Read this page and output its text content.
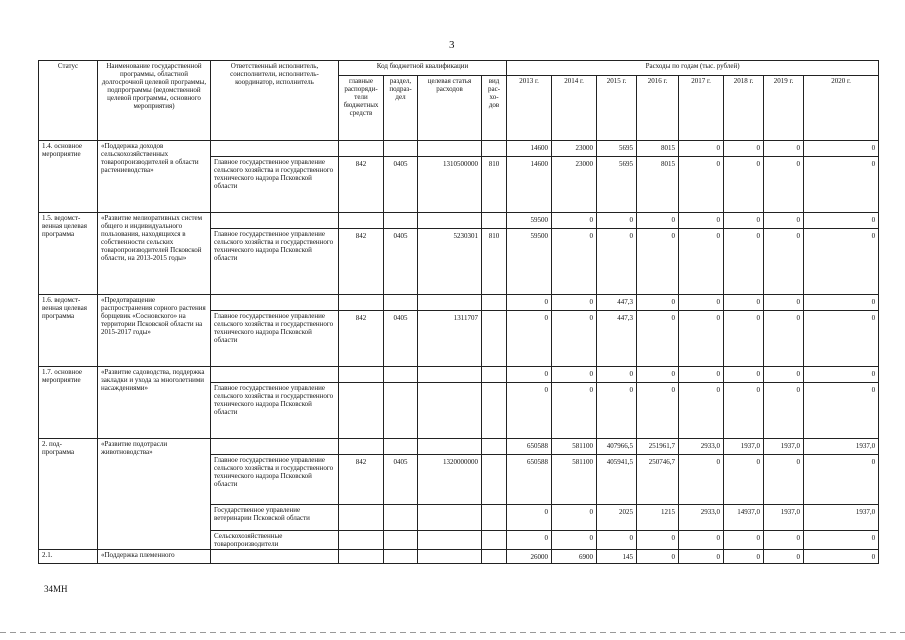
3
Статус	Наименование государственной программы, областной долгосрочной целевой программы, подпрограммы (ведомственной целевой программы, основного мероприятия)	Ответственный исполнитель, соисполнители, исполнитель-координатор, исполнитель	Код бюджетной квалификации				Расходы по годам (тыс. рублей)							
			главные распоряди-тели бюджетных средств	раздел, подраз-дел	целевая статья расходов	вид рас-хо-дов	2013 г.	2014 г.	2015 г.	2016 г.	2017 г.	2018 г.	2019 г.	2020 г.
1.4. основное мероприятие	«Поддержка доходов сельскохозяйственных товаропроизводителей в области растениеводства»						14600	23000	5695	8015	0	0	0	0
		Главное государственное управление сельского хозяйства и государственного технического надзора Псковской области	842	0405	1310500000	810	14600	23000	5695	8015	0	0	0	0
1.5. ведомст-венная целевая программа	«Развитие мелиоративных систем общего и индивидуального пользования, находящихся в собственности сельских товаропроизводителей Псковской области, на 2013-2015 годы»						59500	0	0	0	0	0	0	0
		Главное государственное управление сельского хозяйства и государственного технического надзора Псковской области	842	0405	5230301	810	59500	0	0	0	0	0	0	0
1.6. ведомст-венная целевая программа	«Предотвращение распространения сорного растения борщевик «Сосновского» на территории Псковской области на 2015-2017 годы»						0	0	447,3	0	0	0	0	0
		Главное государственное управление сельского хозяйства и государственного технического надзора Псковской области	842	0405	1311707		0	0	447,3	0	0	0	0	0
1.7. основное мероприятие	«Развитие садоводства, поддержка закладки и ухода за многолетними насаждениями»						0	0	0	0	0	0	0	0
		Главное государственное управление сельского хозяйства и государственного технического надзора Псковской области					0	0	0	0	0	0	0	0
2. под-программа	«Развитие подотрасли животноводства»						650588	581100	407966,5	251961,7	2933,0	1937,0	1937,0	1937,0
		Главное государственное управление сельского хозяйства и государственного технического надзора Псковской области	842	0405	1320000000		650588	581100	405941,5	250746,7	0	0	0	0
		Государственное управление ветеринарии Псковской области					0	0	2025	1215	2933,0	14937,0	1937,0	1937,0
		Сельскохозяйственные товаропроизводители					0	0	0	0	0	0	0	0
2.1.	«Поддержка племенного						26000	6900	145	0	0	0	0	0
34МН
